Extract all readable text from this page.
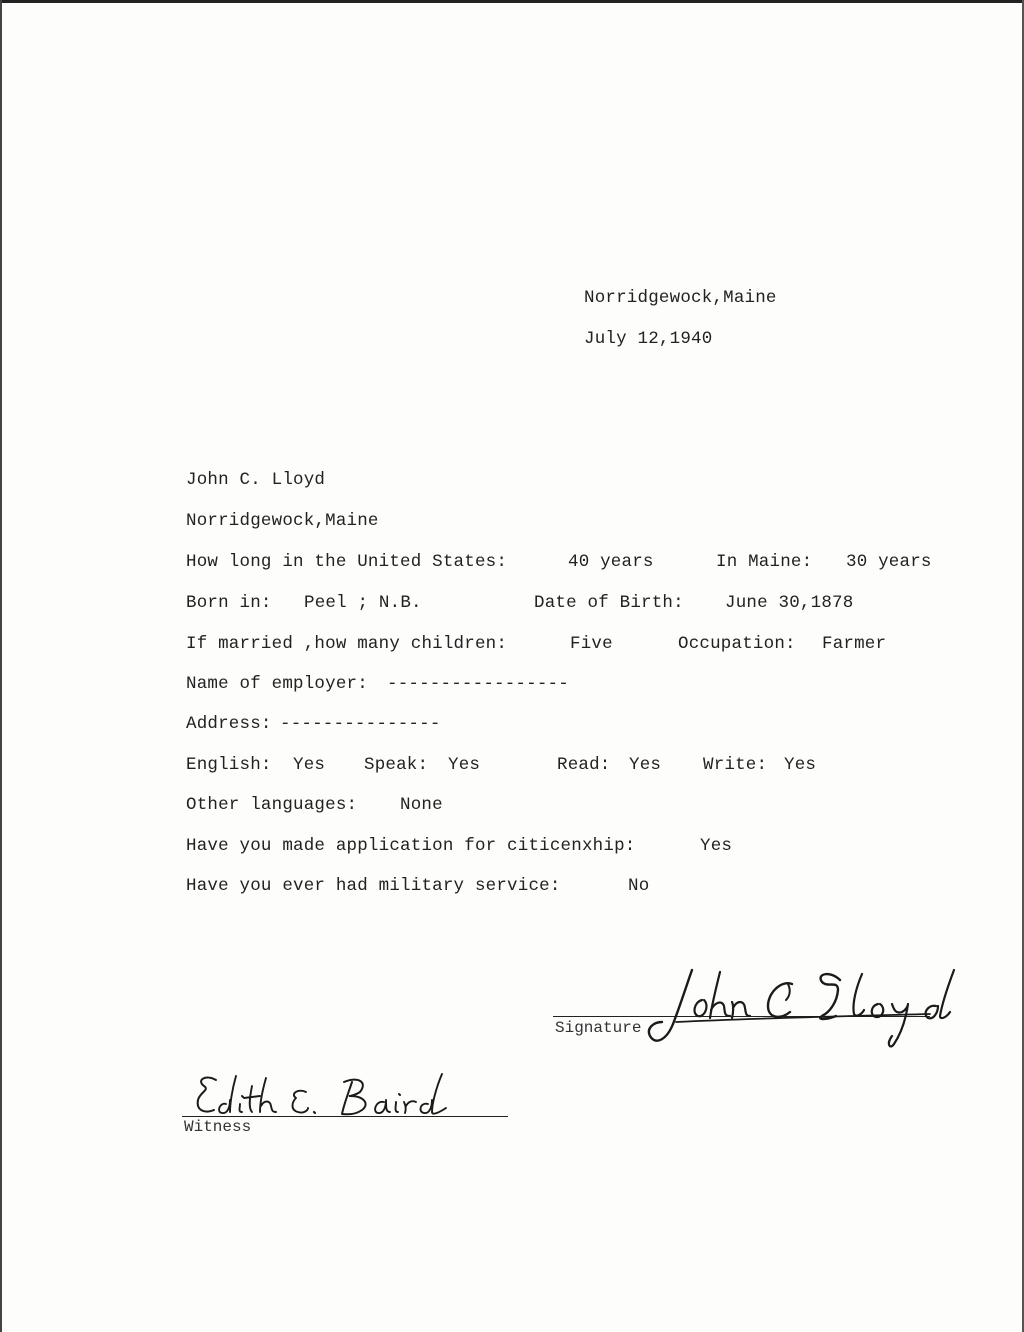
Norridgewock,Maine
July 12,1940
John C. Lloyd
Norridgewock,Maine
How long in the United States:	40 years	In Maine: 30 years
Born in: Peel ; N.B.	Date of Birth: June 30,1878
If married ,how many children:	Five	Occupation: Farmer
Name of employer: -----------------
Address: ---------------
English: Yes Speak: Yes	Read: Yes Write: Yes
Other languages: None
Have you made application for citicenxhip:	Yes
Have you ever had military service:	No
Signature
Witness
